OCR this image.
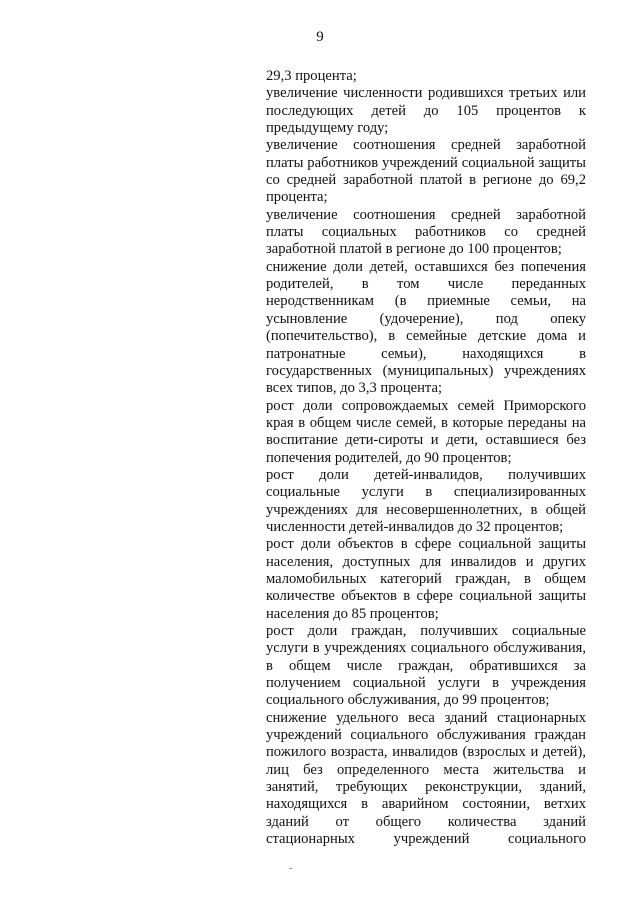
9

29,3 процента;

увеличение численности родившихся третьих или последующих детей до 105 процентов к предыдущему году;

увеличение соотношения средней заработной платы работников учреждений социальной защиты со средней заработной платой в регионе до 69,2 процента;

увеличение соотношения средней заработной платы социальных работников со средней заработной платой в регионе до 100 процентов;

снижение доли детей, оставшихся без попечения родителей, в том числе переданных неродственникам (в приемные семьи, на усыновление (удочерение), под опеку (попечительство), в семейные детские дома и патронатные семьи), находящихся в государственных (муниципальных) учреждениях всех типов, до 3,3 процента;

рост доли сопровождаемых семей Приморского края в общем числе семей, в которые переданы на воспитание дети-сироты и дети, оставшиеся без попечения родителей, до 90 процентов;

рост доли детей-инвалидов, получивших социальные услуги в специализированных учреждениях для несовершеннолетних, в общей численности детей-инвалидов до 32 процентов;

рост доли объектов в сфере социальной защиты населения, доступных для инвалидов и других маломобильных категорий граждан, в общем количестве объектов в сфере социальной защиты населения до 85 процентов;

рост доли граждан, получивших социальные услуги в учреждениях социального обслуживания, в общем числе граждан, обратившихся за получением социальной услуги в учреждения социального обслуживания, до 99 процентов;

снижение удельного веса зданий стационарных учреждений социального обслуживания граждан пожилого возраста, инвалидов (взрослых и детей), лиц без определенного места жительства и занятий, требующих реконструкции, зданий, находящихся в аварийном состоянии, ветхих зданий от общего количества зданий стационарных учреждений социального
